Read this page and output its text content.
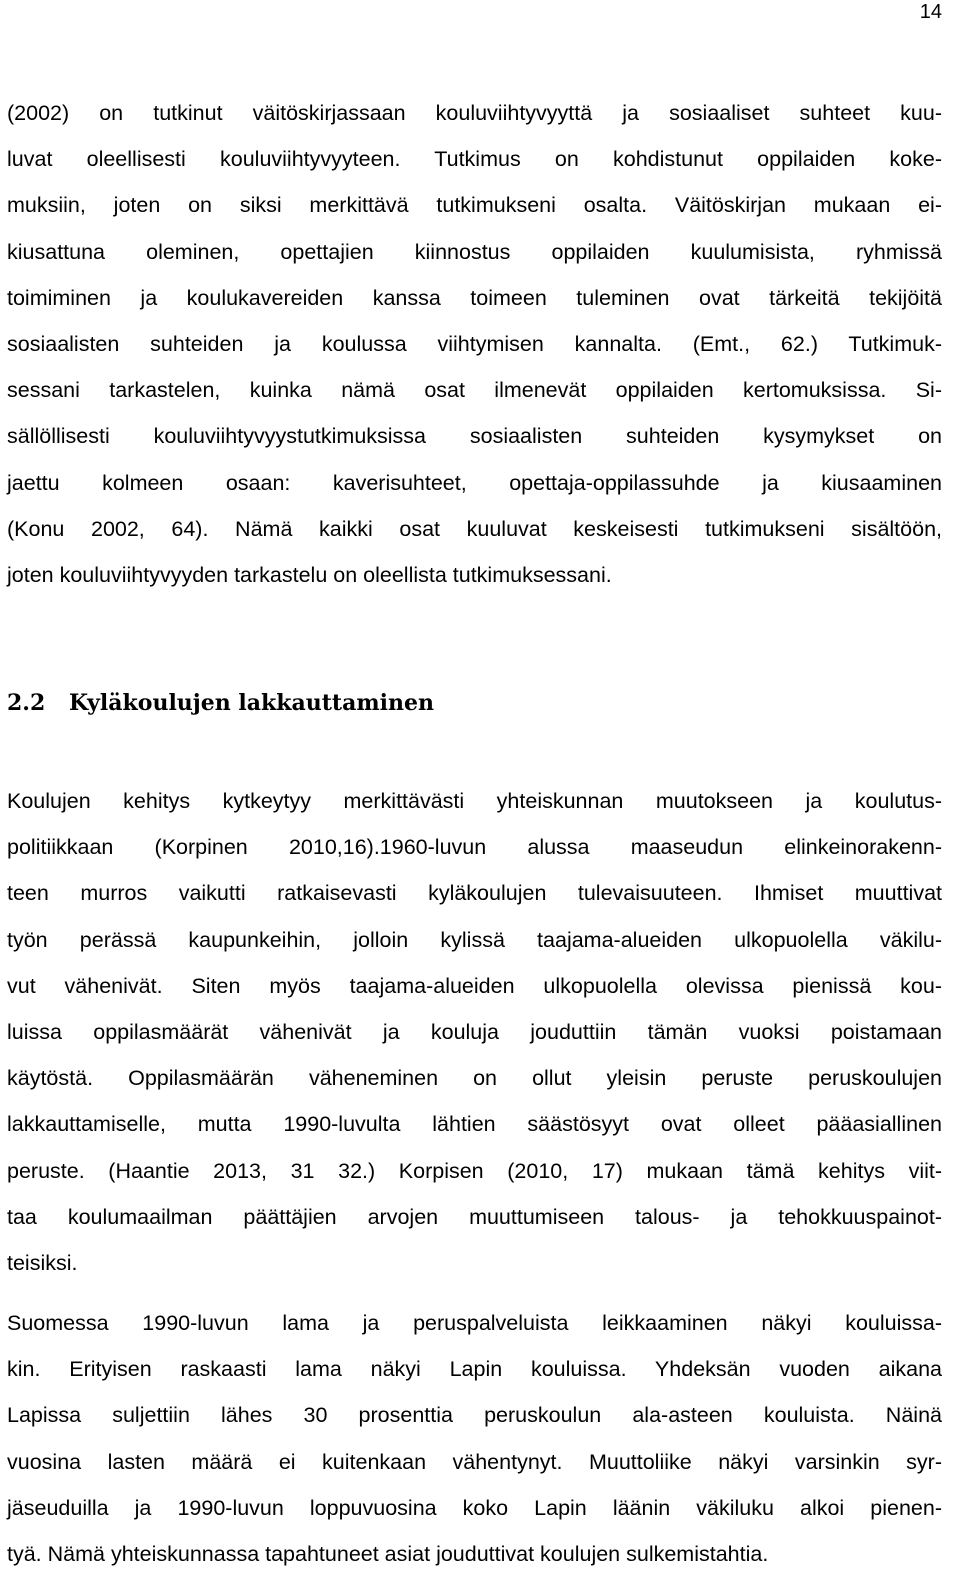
14
(2002) on tutkinut väitöskirjassaan kouluviihtyvyyttä ja sosiaaliset suhteet kuu-
luvat oleellisesti kouluviihtyvyyteen. Tutkimus on kohdistunut oppilaiden koke-
muksiin, joten on siksi merkittävä tutkimukseni osalta. Väitöskirjan mukaan ei-
kiusattuna oleminen, opettajien kiinnostus oppilaiden kuulumisista, ryhmissä
toimiminen ja koulukavereiden kanssa toimeen tuleminen ovat tärkeitä tekijöitä
sosiaalisten suhteiden ja koulussa viihtymisen kannalta. (Emt., 62.) Tutkimuk-
sessani tarkastelen, kuinka nämä osat ilmenevät oppilaiden kertomuksissa. Si-
sällöllisesti kouluviihtyvyystutkimuksissa sosiaalisten suhteiden kysymykset on
jaettu kolmeen osaan: kaverisuhteet, opettaja-oppilassuhde ja kiusaaminen
(Konu 2002, 64). Nämä kaikki osat kuuluvat keskeisesti tutkimukseni sisältöön,
joten kouluviihtyvyyden tarkastelu on oleellista tutkimuksessani.
2.2 Kyläkoulujen lakkauttaminen
Koulujen kehitys kytkeytyy merkittävästi yhteiskunnan muutokseen ja koulutus-
politiikkaan (Korpinen 2010,16).1960-luvun alussa maaseudun elinkeinorakenn-
teen murros vaikutti ratkaisevasti kyläkoulujen tulevaisuuteen. Ihmiset muuttivat
työn perässä kaupunkeihin, jolloin kylissä taajama-alueiden ulkopuolella väkilu-
vut vähenivät. Siten myös taajama-alueiden ulkopuolella olevissa pienissä kou-
luissa oppilasmäärät vähenivät ja kouluja jouduttiin tämän vuoksi poistamaan
käytöstä. Oppilasmäärän väheneminen on ollut yleisin peruste peruskoulujen
lakkauttamiselle, mutta 1990-luvulta lähtien säästösyyt ovat olleet pääasiallinen
peruste. (Haantie 2013, 31 32.) Korpisen (2010, 17) mukaan tämä kehitys viit-
taa koulumaailman päättäjien arvojen muuttumiseen talous- ja tehokkuuspainot-
teisiksi.
Suomessa 1990-luvun lama ja peruspalveluista leikkaaminen näkyi kouluissa-
kin. Erityisen raskaasti lama näkyi Lapin kouluissa. Yhdeksän vuoden aikana
Lapissa suljettiin lähes 30 prosenttia peruskoulun ala-asteen kouluista. Näinä
vuosina lasten määrä ei kuitenkaan vähentynyt. Muuttoliike näkyi varsinkin syr-
jäseuduilla ja 1990-luvun loppuvuosina koko Lapin läänin väkiluku alkoi pienen-
tyä. Nämä yhteiskunnassa tapahtuneet asiat jouduttivat koulujen sulkemistahtia.
